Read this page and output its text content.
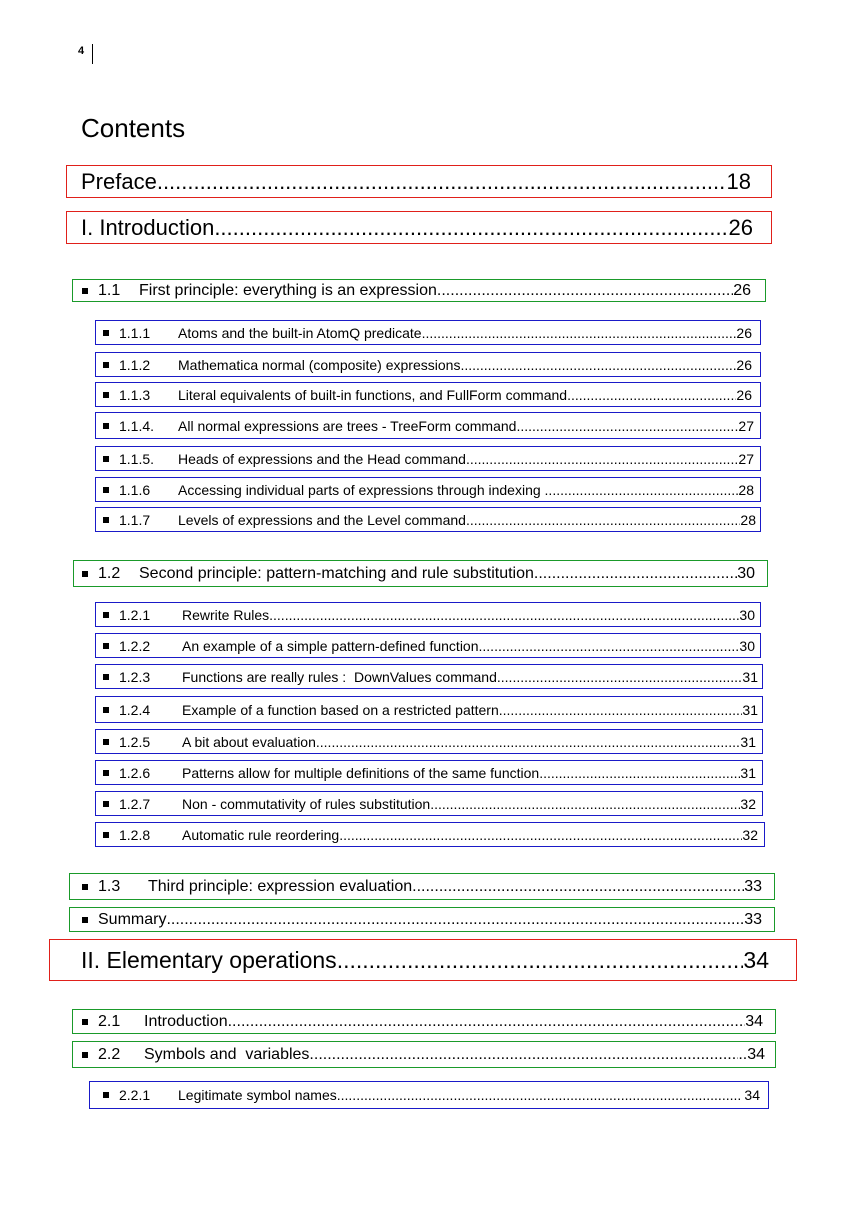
4
Contents
Preface .....	18
I. Introduction .....	26
1.1	First principle: everything is an expression .....	26
1.1.1	Atoms and the built-in AtomQ predicate .....	26
1.1.2	Mathematica normal (composite) expressions .....	26
1.1.3	Literal equivalents of built-in functions, and FullForm command .....	26
1.1.4.	All normal expressions are trees - TreeForm command .....	.27
1.1.5.	Heads of expressions and the Head command .....	27
1.1.6	Accessing individual parts of expressions through indexing .....	28
1.1.7	Levels of expressions and the Level command .....	28
1.2	Second principle: pattern-matching and rule substitution .....	30
1.2.1	Rewrite Rules .....	30
1.2.2	An example of a simple pattern-defined function .....	30
1.2.3	Functions are really rules :  DownValues command .....	31
1.2.4	Example of a function based on a restricted pattern .....	31
1.2.5	A bit about evaluation .....	31
1.2.6	Patterns allow for multiple definitions of the same function .....	31
1.2.7	Non - commutativity of rules substitution .....	32
1.2.8	Automatic rule reordering .....	32
1.3	Third principle: expression evaluation .....	33
Summary .....	33
II. Elementary operations .....	34
2.1	Introduction .....	34
2.2	Symbols and  variables .....	..34
2.2.1	Legitimate symbol names .....	34
